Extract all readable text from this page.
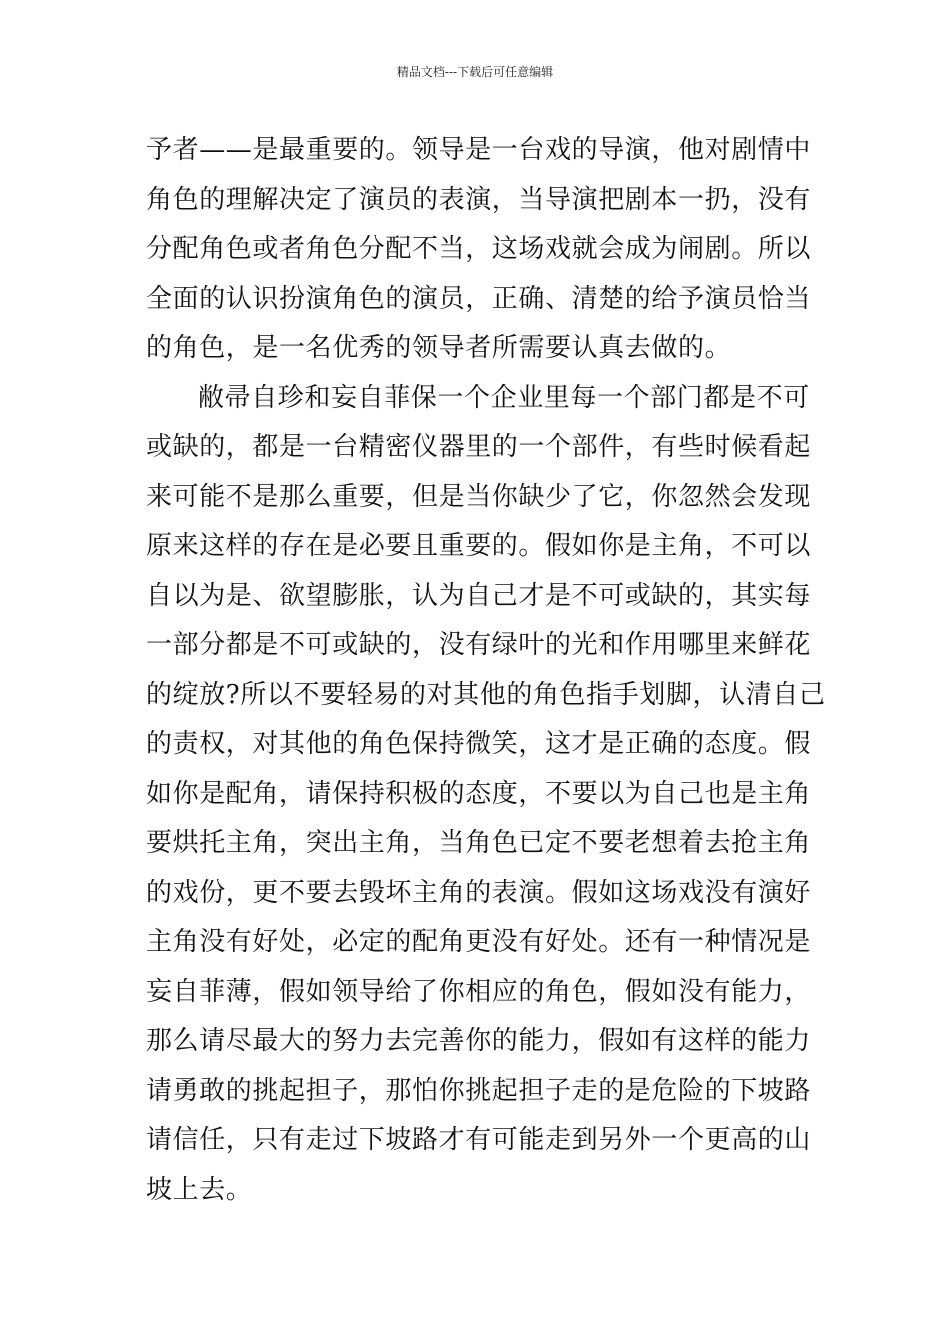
精品文档---下载后可任意编辑
予者——是最重要的。领导是一台戏的导演，他对剧情中
角色的理解决定了演员的表演，当导演把剧本一扔，没有
分配角色或者角色分配不当，这场戏就会成为闹剧。所以
全面的认识扮演角色的演员，正确、清楚的给予演员恰当
的角色，是一名优秀的领导者所需要认真去做的。
敝帚自珍和妄自菲保一个企业里每一个部门都是不可
或缺的，都是一台精密仪器里的一个部件，有些时候看起
来可能不是那么重要，但是当你缺少了它，你忽然会发现
原来这样的存在是必要且重要的。假如你是主角，不可以
自以为是、欲望膨胀，认为自己才是不可或缺的，其实每
一部分都是不可或缺的，没有绿叶的光和作用哪里来鲜花
的绽放?所以不要轻易的对其他的角色指手划脚，认清自己
的责权，对其他的角色保持微笑，这才是正确的态度。假
如你是配角，请保持积极的态度，不要以为自己也是主角
要烘托主角，突出主角，当角色已定不要老想着去抢主角
的戏份，更不要去毁坏主角的表演。假如这场戏没有演好
主角没有好处，必定的配角更没有好处。还有一种情况是
妄自菲薄，假如领导给了你相应的角色，假如没有能力，
那么请尽最大的努力去完善你的能力，假如有这样的能力
请勇敢的挑起担子，那怕你挑起担子走的是危险的下坡路
请信任，只有走过下坡路才有可能走到另外一个更高的山
坡上去。
